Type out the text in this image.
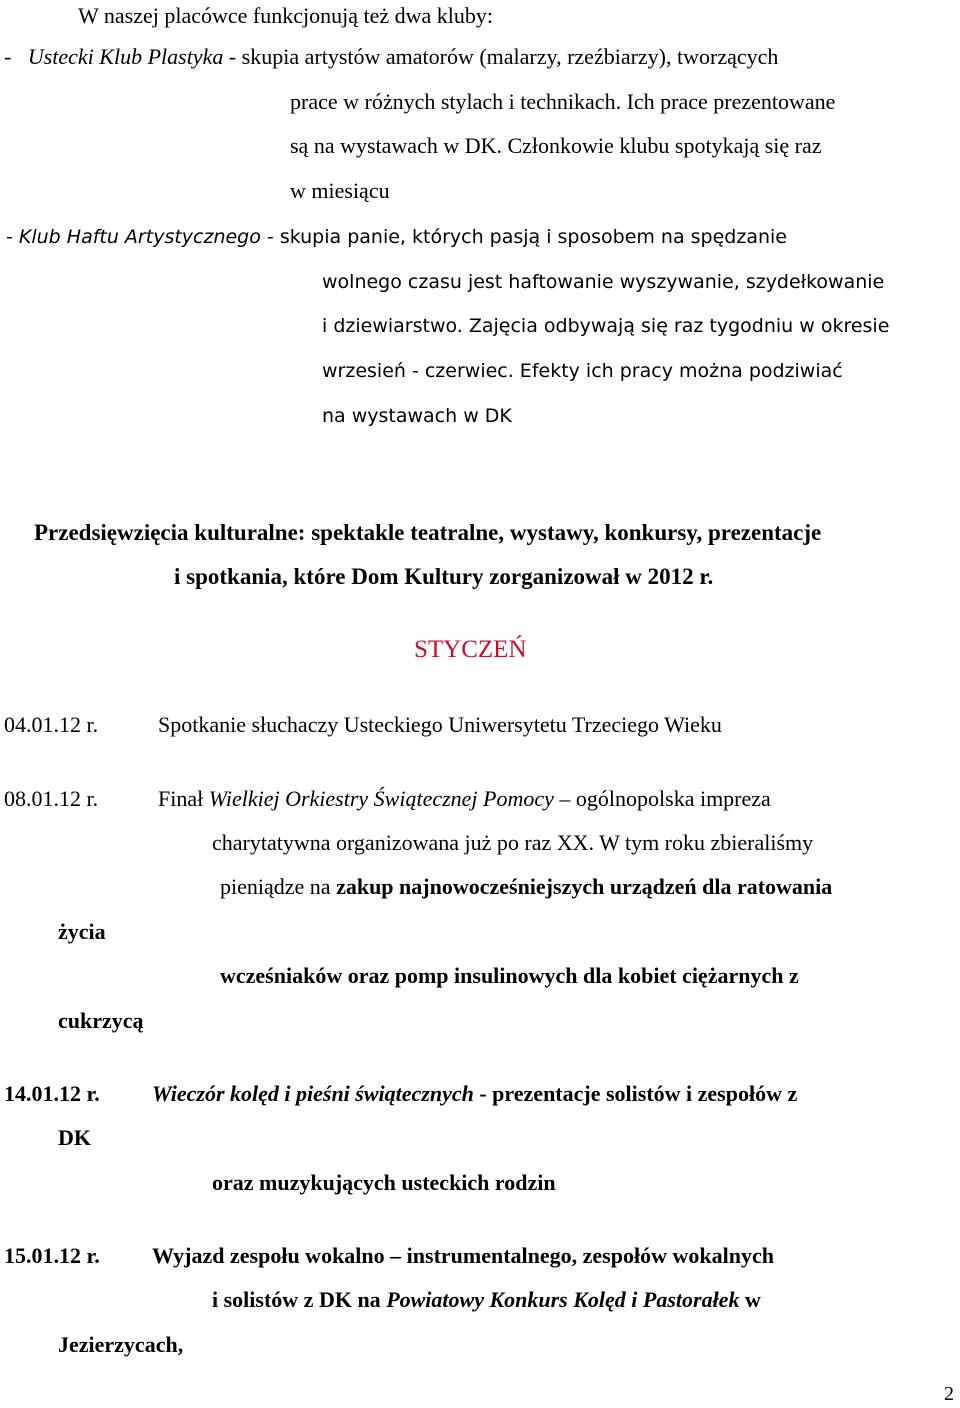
W naszej placówce funkcjonują też dwa kluby:
- Ustecki Klub Plastyka - skupia artystów amatorów (malarzy, rzeźbiarzy), tworzących
prace w różnych stylach i technikach. Ich prace prezentowane
są na wystawach w DK. Członkowie klubu spotykają się raz
w miesiącu
- Klub Haftu Artystycznego - skupia panie, których pasją i sposobem na spędzanie
wolnego czasu jest haftowanie wyszywanie, szydełkowanie
i dziewiarstwo. Zajęcia odbywają się raz tygodniu w okresie
wrzesień - czerwiec. Efekty ich pracy można podziwiać
na wystawach w DK
Przedsięwzięcia kulturalne: spektakle teatralne, wystawy, konkursy, prezentacje
i spotkania, które Dom Kultury zorganizował w 2012 r.
STYCZEŃ
04.01.12 r.	Spotkanie słuchaczy Usteckiego Uniwersytetu Trzeciego Wieku
08.01.12 r.	Finał Wielkiej Orkiestry Świątecznej Pomocy – ogólnopolska impreza
charytatywna organizowana już po raz XX. W tym roku zbieraliśmy
pieniądze na zakup najnowocześniejszych urządzeń dla ratowania
życia
wcześniaków oraz pomp insulinowych dla kobiet ciężarnych z
cukrzycą
14.01.12 r. Wieczór kolęd i pieśni świątecznych - prezentacje solistów i zespołów z
DK
oraz muzykujących usteckich rodzin
15.01.12 r. Wyjazd zespołu wokalno – instrumentalnego, zespołów wokalnych
i solistów z DK na Powiatowy Konkurs Kolęd i Pastorałek w
Jezierzycach,
2
